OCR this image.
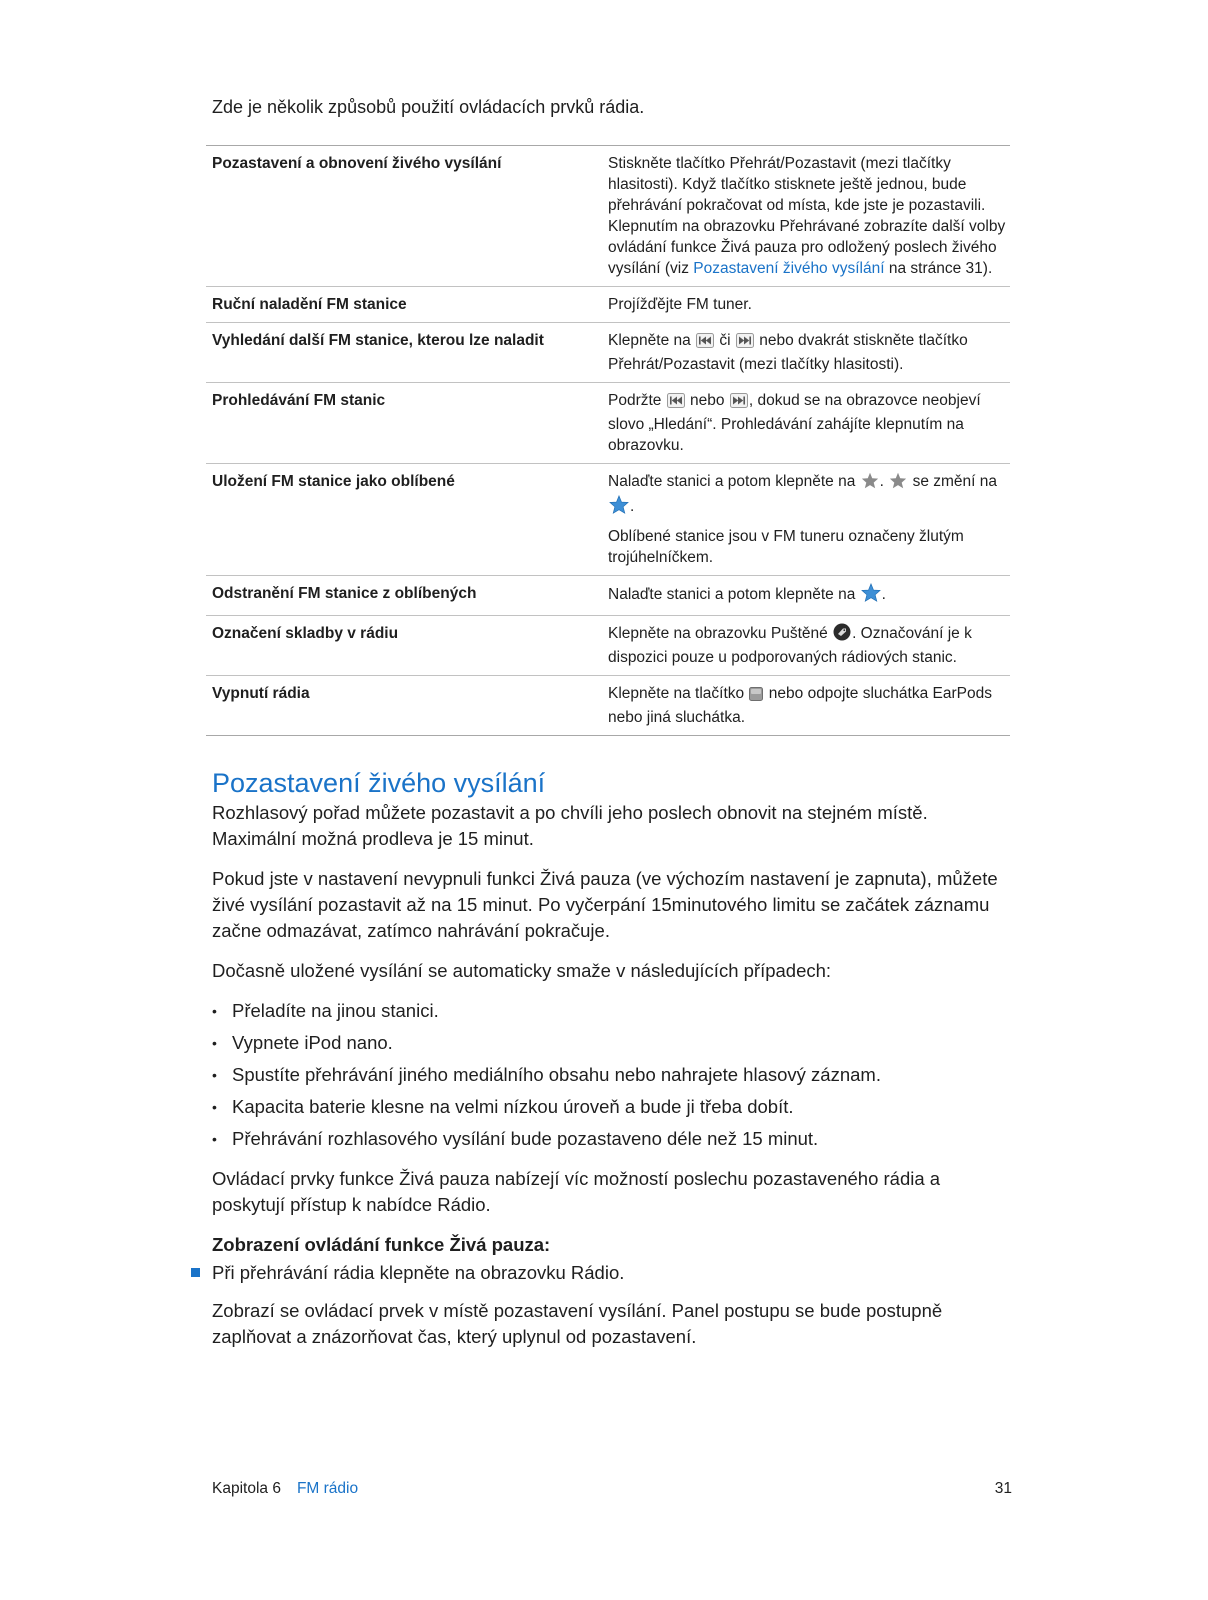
Zde je několik způsobů použití ovládacích prvků rádia.
Pozastavení a obnovení živého vysílání	Stiskněte tlačítko Přehrát/Pozastavit (mezi tlačítky hlasitosti). Když tlačítko stisknete ještě jednou, bude přehrávání pokračovat od místa, kde jste je pozastavili. Klepnutím na obrazovku Přehrávané zobrazíte další volby ovládání funkce Živá pauza pro odložený poslech živého vysílání (viz Pozastavení živého vysílání na stránce 31).

Ruční naladění FM stanice	Projížďějte FM tuner.
Vyhledání další FM stanice, kterou lze naladit	Klepněte na či nebo dvakrát stiskněte tlačítko Přehrát/Pozastavit (mezi tlačítky hlasitosti).

Prohledávání FM stanic	Podržte nebo , dokud se na obrazovce neobjeví slovo „Hledání“. Prohledávání zahájíte klepnutím na obrazovku.

Uložení FM stanice jako oblíbené	Nalaďte stanici a potom klepněte na . se změní na .

Oblíbené stanice jsou v FM tuneru označeny žlutým trojúhelníčkem.

Odstranění FM stanice z oblíbených	Nalaďte stanici a potom klepněte na .

Označení skladby v rádiu	Klepněte na obrazovku Puštěné . Označování je k dispozici pouze u podporovaných rádiových stanic.

Vypnutí rádia	Klepněte na tlačítko nebo odpojte sluchátka EarPods nebo jiná sluchátka.

Pozastavení živého vysílání

Rozhlasový pořad můžete pozastavit a po chvíli jeho poslech obnovit na stejném místě. Maximální možná prodleva je 15 minut.

Pokud jste v nastavení nevypnuli funkci Živá pauza (ve výchozím nastavení je zapnuta), můžete živé vysílání pozastavit až na 15 minut. Po vyčerpání 15minutového limitu se začátek záznamu začne odmazávat, zatímco nahrávání pokračuje.

Dočasně uložené vysílání se automaticky smaže v následujících případech:

• Přeladíte na jinou stanici.
• Vypnete iPod nano.
• Spustíte přehrávání jiného mediálního obsahu nebo nahrajete hlasový záznam.
• Kapacita baterie klesne na velmi nízkou úroveň a bude ji třeba dobít.
• Přehrávání rozhlasového vysílání bude pozastaveno déle než 15 minut.

Ovládací prvky funkce Živá pauza nabízejí víc možností poslechu pozastaveného rádia a poskytují přístup k nabídce Rádio.

Zobrazení ovládání funkce Živá pauza:

Při přehrávání rádia klepněte na obrazovku Rádio.

Zobrazí se ovládací prvek v místě pozastavení vysílání. Panel postupu se bude postupně zaplňovat a znázorňovat čas, který uplynul od pozastavení.

Kapitola 6 FM rádio	31
